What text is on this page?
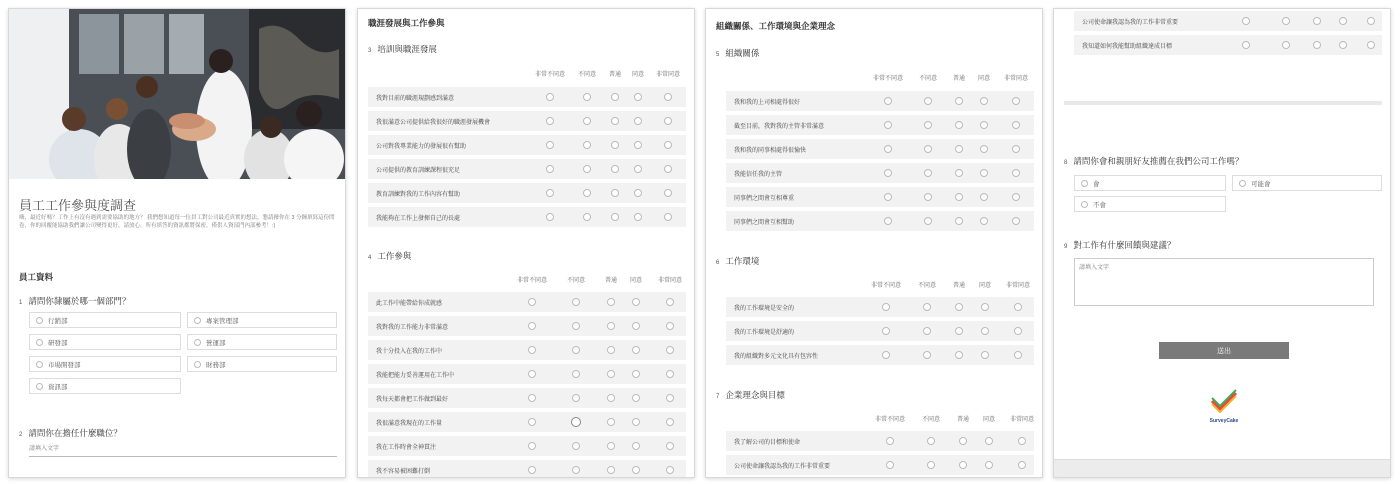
員工工作參與度調查
嗨，最近好嗎？工作上有沒有遇到需要協助的地方？ 我們想知道每一位員工對公司最近真實的想法，懇請撥你在 3 分鐘填寫這份問卷，你的回覆能協助我們讓公司變得更好，請放心，所有填答的資訊都將保密，僅供人資部門內部參考！:)
員工資料
1 請問你隸屬於哪一個部門？
行銷部	專案管理部
研發部	營運部
市場開發部	財務部
資訊部
2 請問你在擔任什麼職位？
請填入文字
職涯發展與工作參與
3 培訓與職涯發展
非常不同意	不同意	普通	同意	非常同意
我對目前的職涯規劃感到滿意
我很滿意公司提供給我很好的職涯發展機會
公司對我專業能力的發展很有幫助
公司提供的教育訓練課程很充足
教育訓練對我的工作內容有幫助
我能夠在工作上發揮自己的長處
4 工作參與
非常不同意	不同意	普通	同意	非常同意
此工作中能帶給你成就感
我對我的工作能力非常滿意
我十分投入在我的工作中
我能把能力妥善運用在工作中
我每天都會把工作做到最好
我很滿意我現在的工作量
我在工作時會全神貫注
我不容易被困難打倒
組織關係、工作環境與企業理念
5 組織關係
非常不同意	不同意	普通	同意	非常同意
我和我的上司相處得很好
截至目前，我對我的主管非常滿意
我和我的同事相處得很愉快
我能信任我的主管
同事們之間會互相尊重
同事們之間會互相幫助
6 工作環境
非常不同意	不同意	普通	同意	非常同意
我的工作環境是安全的
我的工作環境是舒適的
我的組織對多元文化具有包容性
7 企業理念與目標
非常不同意	不同意	普通	同意	非常同意
我了解公司的目標和使命
公司使命讓我認為我的工作非常重要
公司使命讓我認為我的工作非常重要
我知道如何我能幫助組織達成目標
8 請問你會和親朋好友推薦在我們公司工作嗎？
會	可能會
不會
9 對工作有什麼回饋與建議？
請填入文字
送出
SurveyCake
